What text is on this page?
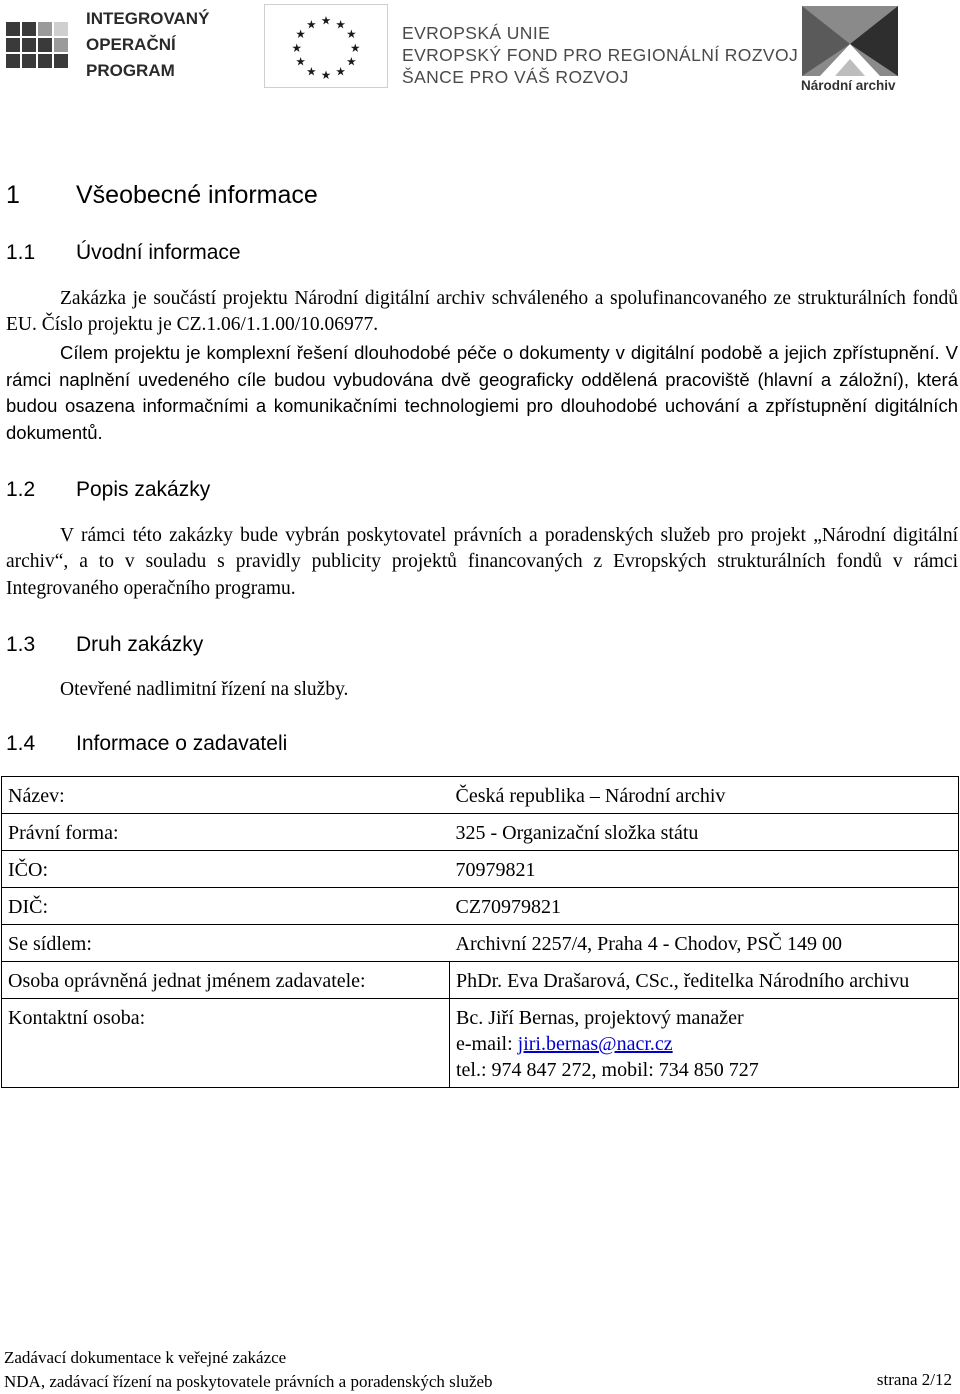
INTEGROVANÝ
OPERAČNÍ
PROGRAM
★ ★
★
★
★
★
★
★
★
★
★
★	EVROPSKÁ UNIE
EVROPSKÝ FOND PRO REGIONÁLNÍ ROZVOJ
ŠANCE PRO VÁŠ ROZVOJ	Národní archiv
1 Všeobecné informace
1.1 Úvodní informace

Zakázka je součástí projektu Národní digitální archiv schváleného a spolufinancovaného ze strukturálních fondů EU. Číslo projektu je CZ.1.06/1.1.00/10.06977.

Cílem projektu je komplexní řešení dlouhodobé péče o dokumenty v digitální podobě a jejich zpřístupnění. V rámci naplnění uvedeného cíle budou vybudována dvě geograficky oddělená pracoviště (hlavní a záložní), která budou osazena informačními a komunikačními technologiemi pro dlouhodobé uchování a zpřístupnění digitálních dokumentů.

1.2 Popis zakázky

V rámci této zakázky bude vybrán poskytovatel právních a poradenských služeb pro projekt „Národní digitální archiv“, a to v souladu s pravidly publicity projektů financovaných z Evropských strukturálních fondů v rámci Integrovaného operačního programu.

1.3 Druh zakázky

Otevřené nadlimitní řízení na služby.

1.4 Informace o zadavateli
Název:	Česká republika – Národní archiv
Právní forma:	325 - Organizační složka státu
IČO:	70979821
DIČ:	CZ70979821
Se sídlem:	Archivní 2257/4, Praha 4 - Chodov, PSČ 149 00
Osoba oprávněná jednat jménem zadavatele:	PhDr. Eva Drašarová, CSc., ředitelka Národního archivu
Kontaktní osoba:	Bc. Jiří Bernas, projektový manažer
e-mail: jiri.bernas@nacr.cz
tel.: 974 847 272, mobil: 734 850 727
Zadávací dokumentace k veřejné zakázce
NDA, zadávací řízení na poskytovatele právních a poradenských služeb	strana 2/12
